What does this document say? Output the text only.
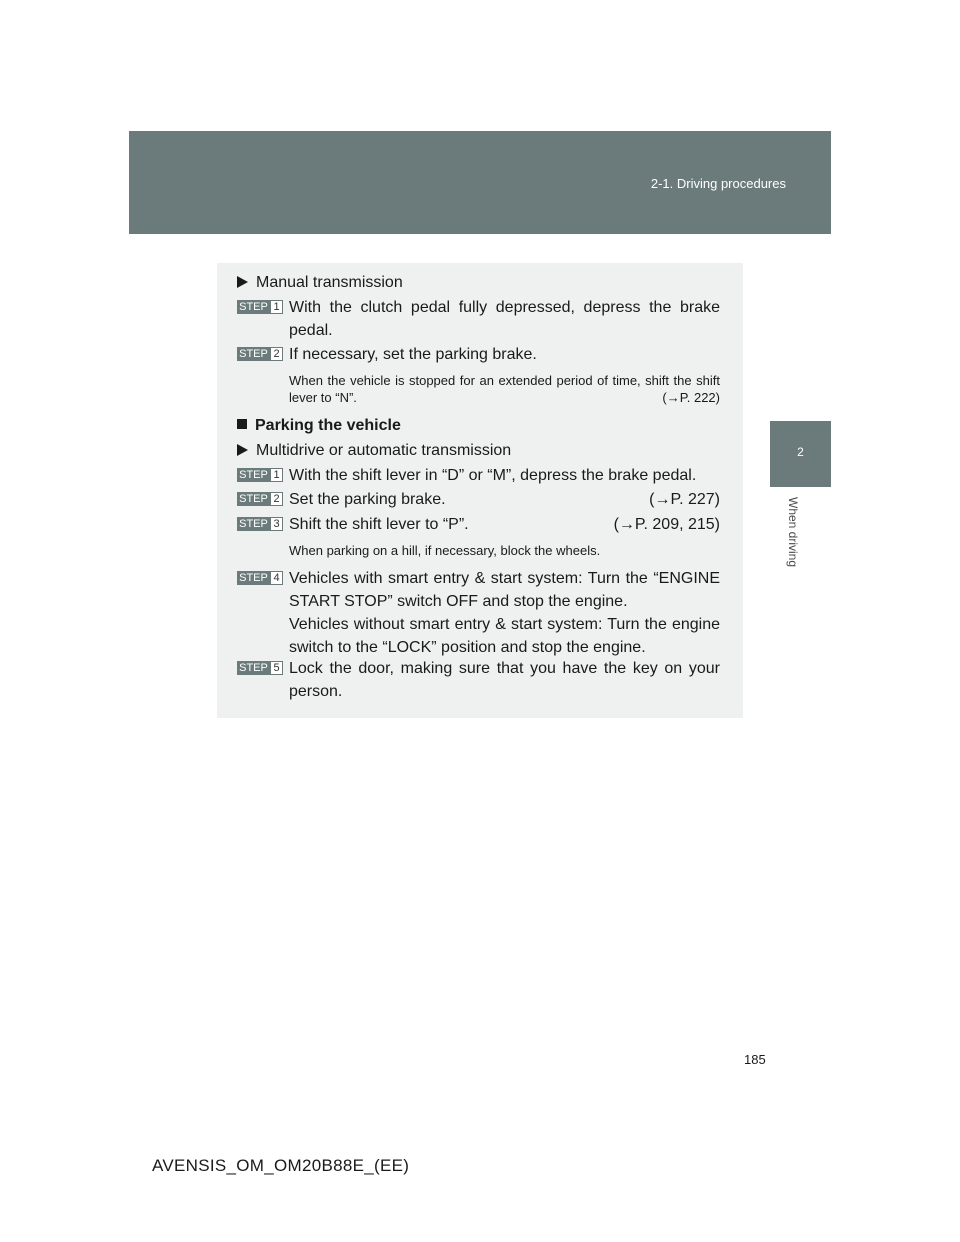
2-1. Driving procedures
2
When driving
Manual transmission
STEP 1 With the clutch pedal fully depressed, depress the brake pedal.
STEP 2 If necessary, set the parking brake.
When the vehicle is stopped for an extended period of time, shift the shift lever to “N”.	(→P. 222)
Parking the vehicle
Multidrive or automatic transmission
STEP 1 With the shift lever in “D” or “M”, depress the brake pedal.
STEP 2 Set the parking brake.	(→P. 227)
STEP 3 Shift the shift lever to “P”.	(→P. 209, 215)
When parking on a hill, if necessary, block the wheels.
STEP 4 Vehicles with smart entry & start system: Turn the “ENGINE START STOP” switch OFF and stop the engine.
Vehicles without smart entry & start system: Turn the engine switch to the “LOCK” position and stop the engine.
STEP 5 Lock the door, making sure that you have the key on your person.
185
AVENSIS_OM_OM20B88E_(EE)
